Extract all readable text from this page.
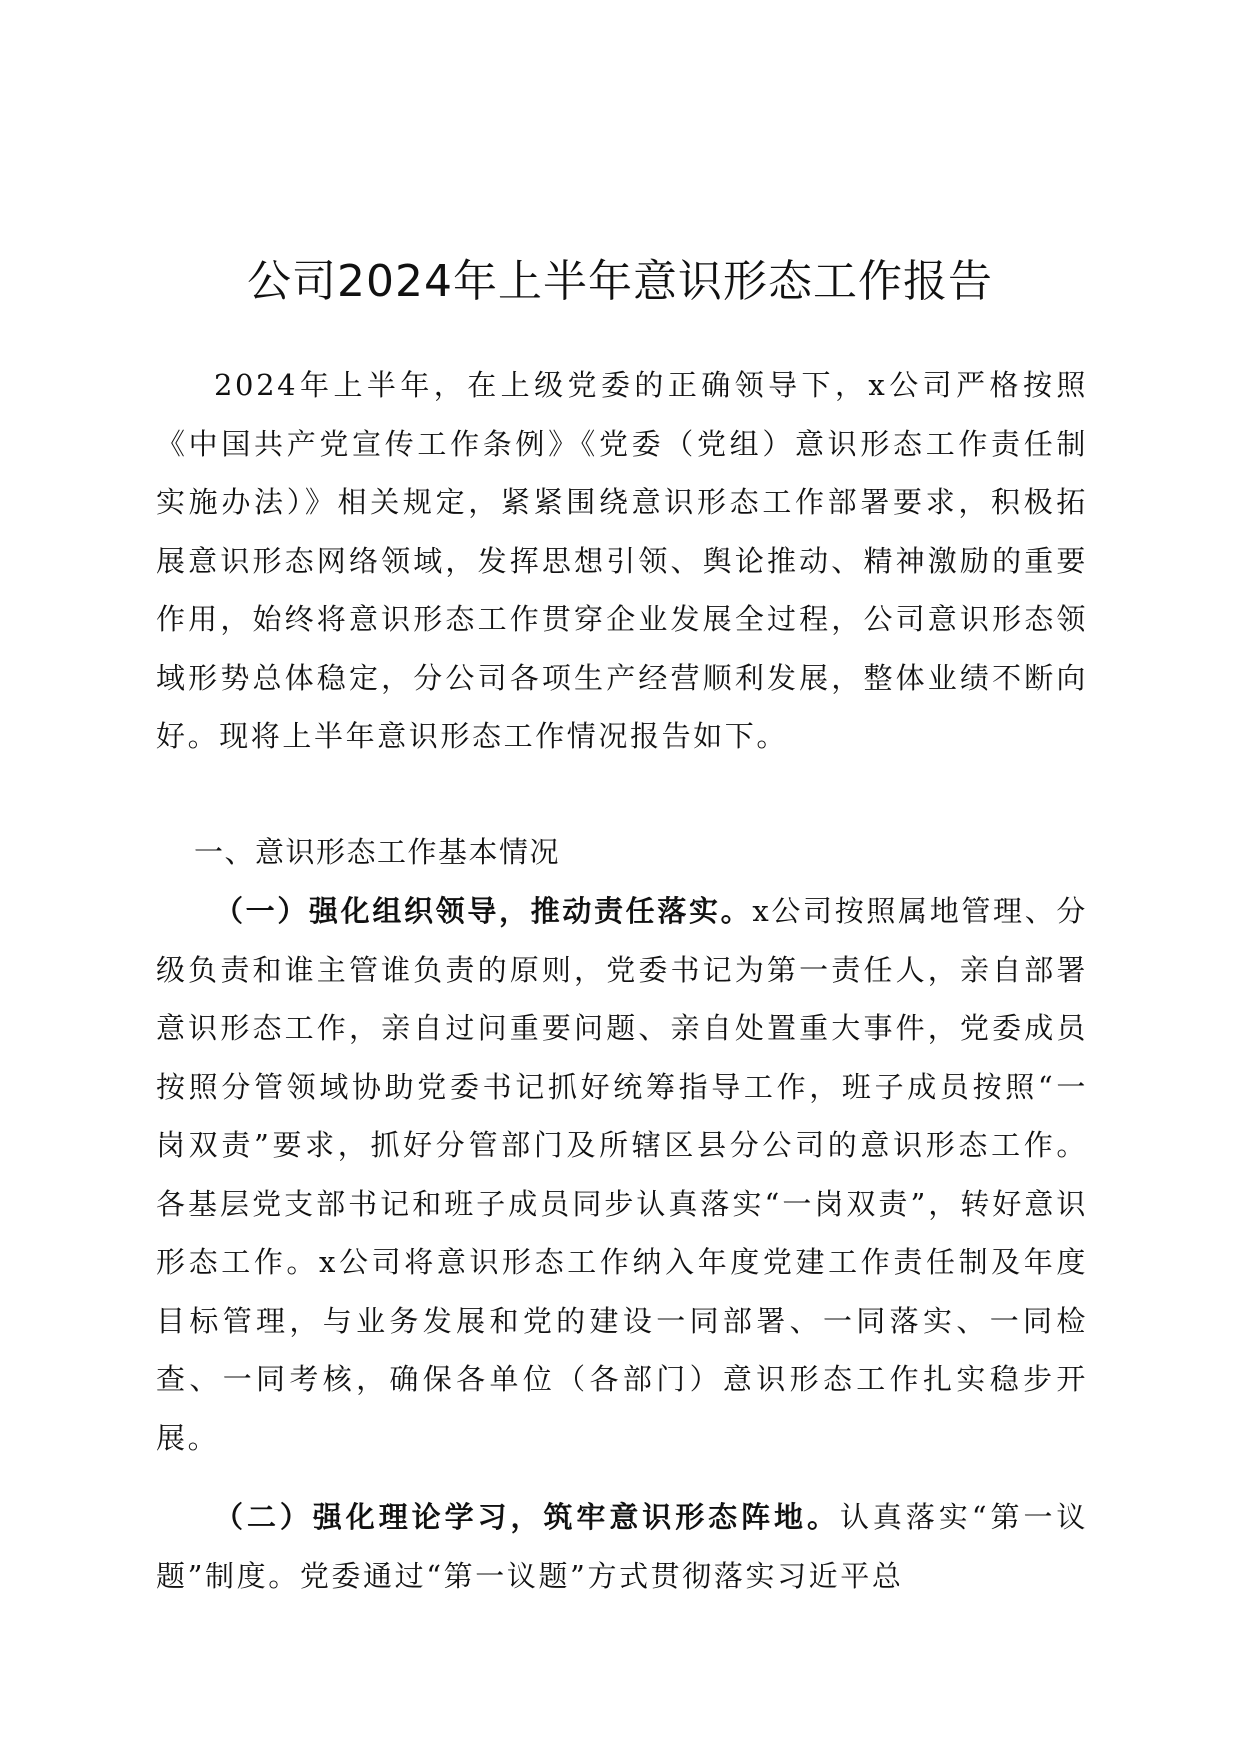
公司2024年上半年意识形态工作报告

2024年上半年，在上级党委的正确领导下，x公司严格按照《中国共产党宣传工作条例》《党委（党组）意识形态工作责任制实施办法）》相关规定，紧紧围绕意识形态工作部署要求，积极拓展意识形态网络领域，发挥思想引领、舆论推动、精神激励的重要作用，始终将意识形态工作贯穿企业发展全过程，公司意识形态领域形势总体稳定，分公司各项生产经营顺利发展，整体业绩不断向好。现将上半年意识形态工作情况报告如下。

一、意识形态工作基本情况

（一）强化组织领导，推动责任落实。x公司按照属地管理、分级负责和谁主管谁负责的原则，党委书记为第一责任人，亲自部署意识形态工作，亲自过问重要问题、亲自处置重大事件，党委成员按照分管领域协助党委书记抓好统筹指导工作，班子成员按照“一岗双责”要求，抓好分管部门及所辖区县分公司的意识形态工作。各基层党支部书记和班子成员同步认真落实“一岗双责”，转好意识形态工作。x公司将意识形态工作纳入年度党建工作责任制及年度目标管理，与业务发展和党的建设一同部署、一同落实、一同检查、一同考核，确保各单位（各部门）意识形态工作扎实稳步开展。

（二）强化理论学习，筑牢意识形态阵地。认真落实“第一议题”制度。党委通过“第一议题”方式贯彻落实习近平总
